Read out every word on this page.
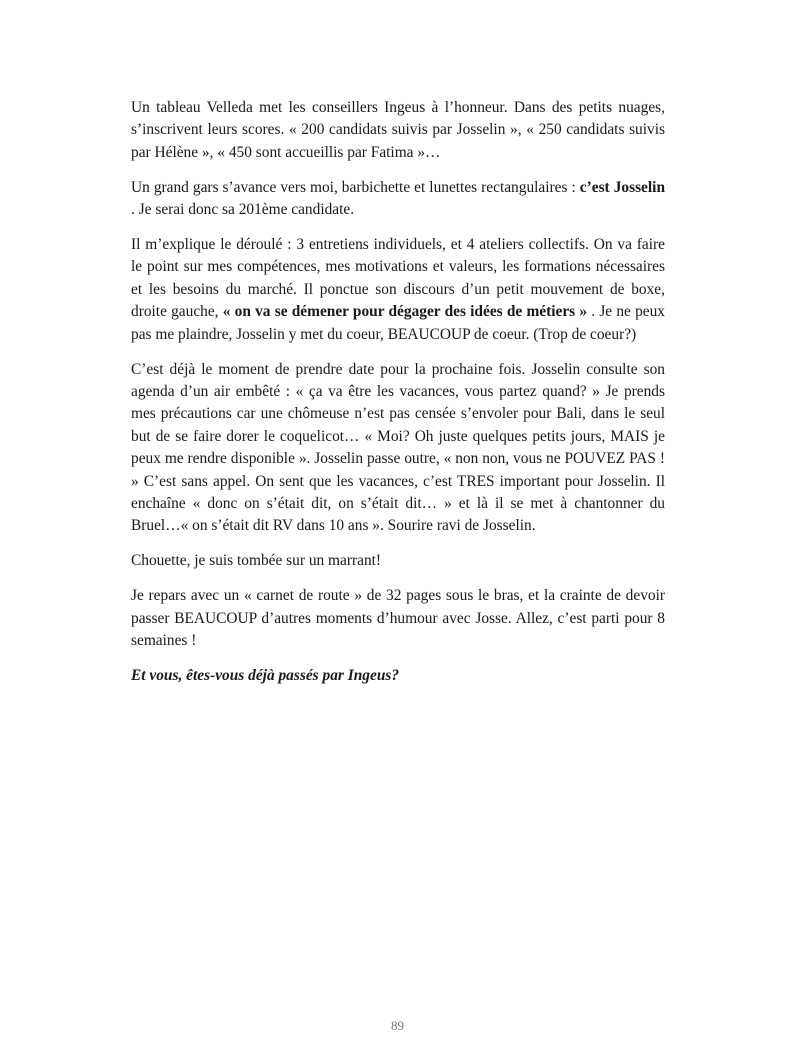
Un tableau Velleda met les conseillers Ingeus à l’honneur. Dans des petits nuages, s’inscrivent leurs scores. « 200 candidats suivis par Josselin », « 250 candidats suivis par Hélène », « 450 sont accueillis par Fatima »…

Un grand gars s’avance vers moi, barbichette et lunettes rectangulaires : c’est Josselin . Je serai donc sa 201ème candidate.

Il m’explique le déroulé : 3 entretiens individuels, et 4 ateliers collectifs. On va faire le point sur mes compétences, mes motivations et valeurs, les formations nécessaires et les besoins du marché. Il ponctue son discours d’un petit mouvement de boxe, droite gauche, « on va se démener pour dégager des idées de métiers » . Je ne peux pas me plaindre, Josselin y met du coeur, BEAUCOUP de coeur. (Trop de coeur?)

C’est déjà le moment de prendre date pour la prochaine fois. Josselin consulte son agenda d’un air embêté : « ça va être les vacances, vous partez quand? » Je prends mes précautions car une chômeuse n’est pas censée s’envoler pour Bali, dans le seul but de se faire dorer le coquelicot… « Moi? Oh juste quelques petits jours, MAIS je peux me rendre disponible ». Josselin passe outre, « non non, vous ne POUVEZ PAS ! » C’est sans appel. On sent que les vacances, c’est TRES important pour Josselin. Il enchaîne « donc on s’était dit, on s’était dit… » et là il se met à chantonner du Bruel…« on s’était dit RV dans 10 ans ». Sourire ravi de Josselin.

Chouette, je suis tombée sur un marrant!

Je repars avec un « carnet de route » de 32 pages sous le bras, et la crainte de devoir passer BEAUCOUP d’autres moments d’humour avec Josse. Allez, c’est parti pour 8 semaines !

Et vous, êtes-vous déjà passés par Ingeus?

89
